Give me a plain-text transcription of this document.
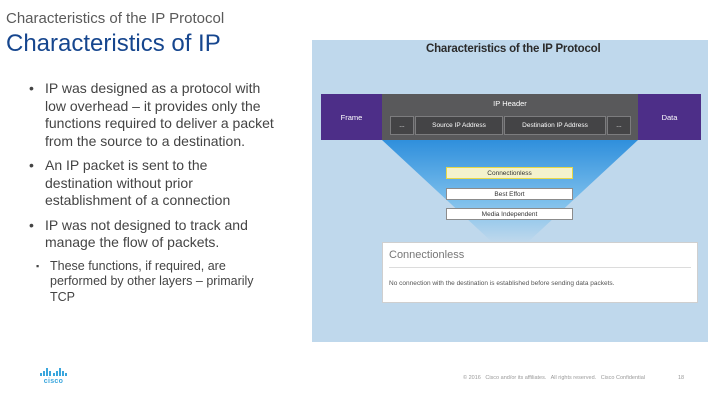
Characteristics of the IP Protocol
Characteristics of IP
• IP was designed as a protocol with low overhead – it provides only the functions required to deliver a packet from the source to a destination.
• An IP packet is sent to the destination without prior establishment of a connection
• IP was not designed to track and manage the flow of packets.
▪ These functions, if required, are performed by other layers – primarily TCP
Characteristics of the IP Protocol
Frame
IP Header
...	Source IP Address	Destination IP Address	...
Data
Connectionless
Best Effort
Media Independent
Connectionless
No connection with the destination is established before sending data packets.
cisco	© 2016 Cisco and/or its affiliates. All rights reserved. Cisco Confidential	18
